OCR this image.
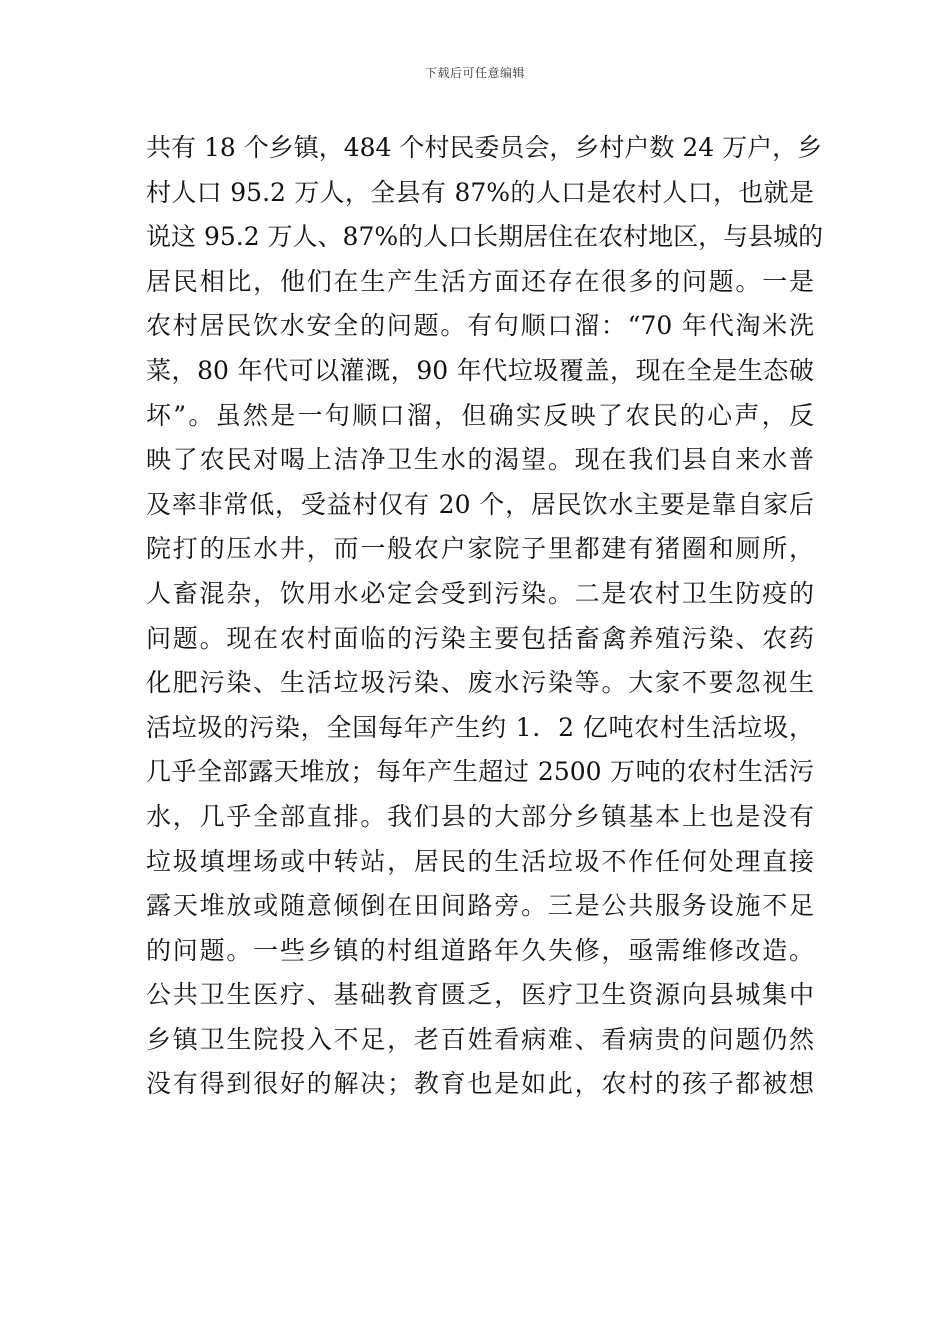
下载后可任意编辑
共有 18 个乡镇，484 个村民委员会，乡村户数 24 万户，乡
村人口 95.2 万人，全县有 87%的人口是农村人口，也就是
说这 95.2 万人、87%的人口长期居住在农村地区，与县城的
居民相比，他们在生产生活方面还存在很多的问题。一是
农村居民饮水安全的问题。有句顺口溜：“70 年代淘米洗
菜，80 年代可以灌溉，90 年代垃圾覆盖，现在全是生态破
坏”。虽然是一句顺口溜，但确实反映了农民的心声，反
映了农民对喝上洁净卫生水的渴望。现在我们县自来水普
及率非常低，受益村仅有 20 个，居民饮水主要是靠自家后
院打的压水井，而一般农户家院子里都建有猪圈和厕所，
人畜混杂，饮用水必定会受到污染。二是农村卫生防疫的
问题。现在农村面临的污染主要包括畜禽养殖污染、农药
化肥污染、生活垃圾污染、废水污染等。大家不要忽视生
活垃圾的污染，全国每年产生约 1．2 亿吨农村生活垃圾，
几乎全部露天堆放；每年产生超过 2500 万吨的农村生活污
水，几乎全部直排。我们县的大部分乡镇基本上也是没有
垃圾填埋场或中转站，居民的生活垃圾不作任何处理直接
露天堆放或随意倾倒在田间路旁。三是公共服务设施不足
的问题。一些乡镇的村组道路年久失修，亟需维修改造。
公共卫生医疗、基础教育匮乏，医疗卫生资源向县城集中
乡镇卫生院投入不足，老百姓看病难、看病贵的问题仍然
没有得到很好的解决；教育也是如此，农村的孩子都被想
